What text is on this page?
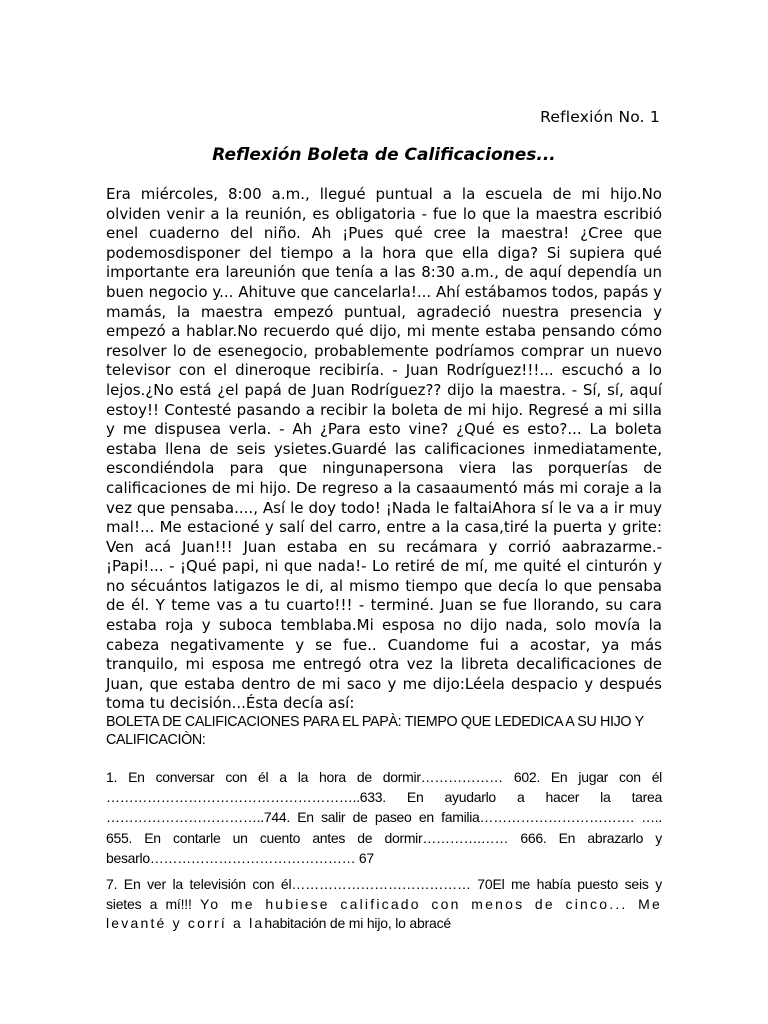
Reflexión No. 1
Reflexión Boleta de Calificaciones...
Era miércoles, 8:00 a.m., llegué puntual a la escuela de mi hijo.No olviden venir a la reunión, es obligatoria - fue lo que la maestra escribió enel cuaderno del niño. Ah ¡Pues qué cree la maestra! ¿Cree que podemosdisponer del tiempo a la hora que ella diga? Si supiera qué importante era lareunión que tenía a las 8:30 a.m., de aquí dependía un buen negocio y... Ahituve que cancelarla!... Ahí estábamos todos, papás y mamás, la maestra empezó puntual, agradeció nuestra presencia y empezó a hablar.No recuerdo qué dijo, mi mente estaba pensando cómo resolver lo de esenegocio, probablemente podríamos comprar un nuevo televisor con el dineroque recibiría. - Juan Rodríguez!!!... escuchó a lo lejos.¿No está ¿el papá de Juan Rodríguez?? dijo la maestra. - Sí, sí, aquí estoy!! Contesté pasando a recibir la boleta de mi hijo. Regresé a mi silla y me dispusea verla. - Ah ¿Para esto vine? ¿Qué es esto?... La boleta estaba llena de seis ysietes.Guardé las calificaciones inmediatamente, escondiéndola para que ningunapersona viera las porquerías de calificaciones de mi hijo. De regreso a la casaaumentó más mi coraje a la vez que pensaba...., Así le doy todo! ¡Nada le faltaiAhora sí le va a ir muy mal!... Me estacioné y salí del carro, entre a la casa,tiré la puerta y grite: Ven acá Juan!!! Juan estaba en su recámara y corrió aabrazarme.- ¡Papi!... - ¡Qué papi, ni que nada!- Lo retiré de mí, me quité el cinturón y no sécuántos latigazos le di, al mismo tiempo que decía lo que pensaba de él. Y teme vas a tu cuarto!!! - terminé. Juan se fue llorando, su cara estaba roja y suboca temblaba.Mi esposa no dijo nada, solo movía la cabeza negativamente y se fue.. Cuandome fui a acostar, ya más tranquilo, mi esposa me entregó otra vez la libreta decalificaciones de Juan, que estaba dentro de mi saco y me dijo:Léela despacio y después toma tu decisión...Ésta decía así:
BOLETA DE CALIFICACIONES PARA EL PAPÀ: TIEMPO QUE LEDEDICA A SU HIJO Y CALIFICACIÒN:
1. En conversar con él a la hora de dormir……………… 602. En jugar con él ………………………………………………..633. En ayudarlo a hacer la tarea ……………………………..744. En salir de paseo en familia……………………………. ….. 655. En contarle un cuento antes de dormir………….…… 666. En abrazarlo y besarlo……………………………………… 67
7. En ver la televisión con él………………………………… 70El me había puesto seis y sietes a mí!!! Yo me hubiese calificado con menos de cinco... Me levanté y corrí a lahabitación de mi hijo, lo abracé
